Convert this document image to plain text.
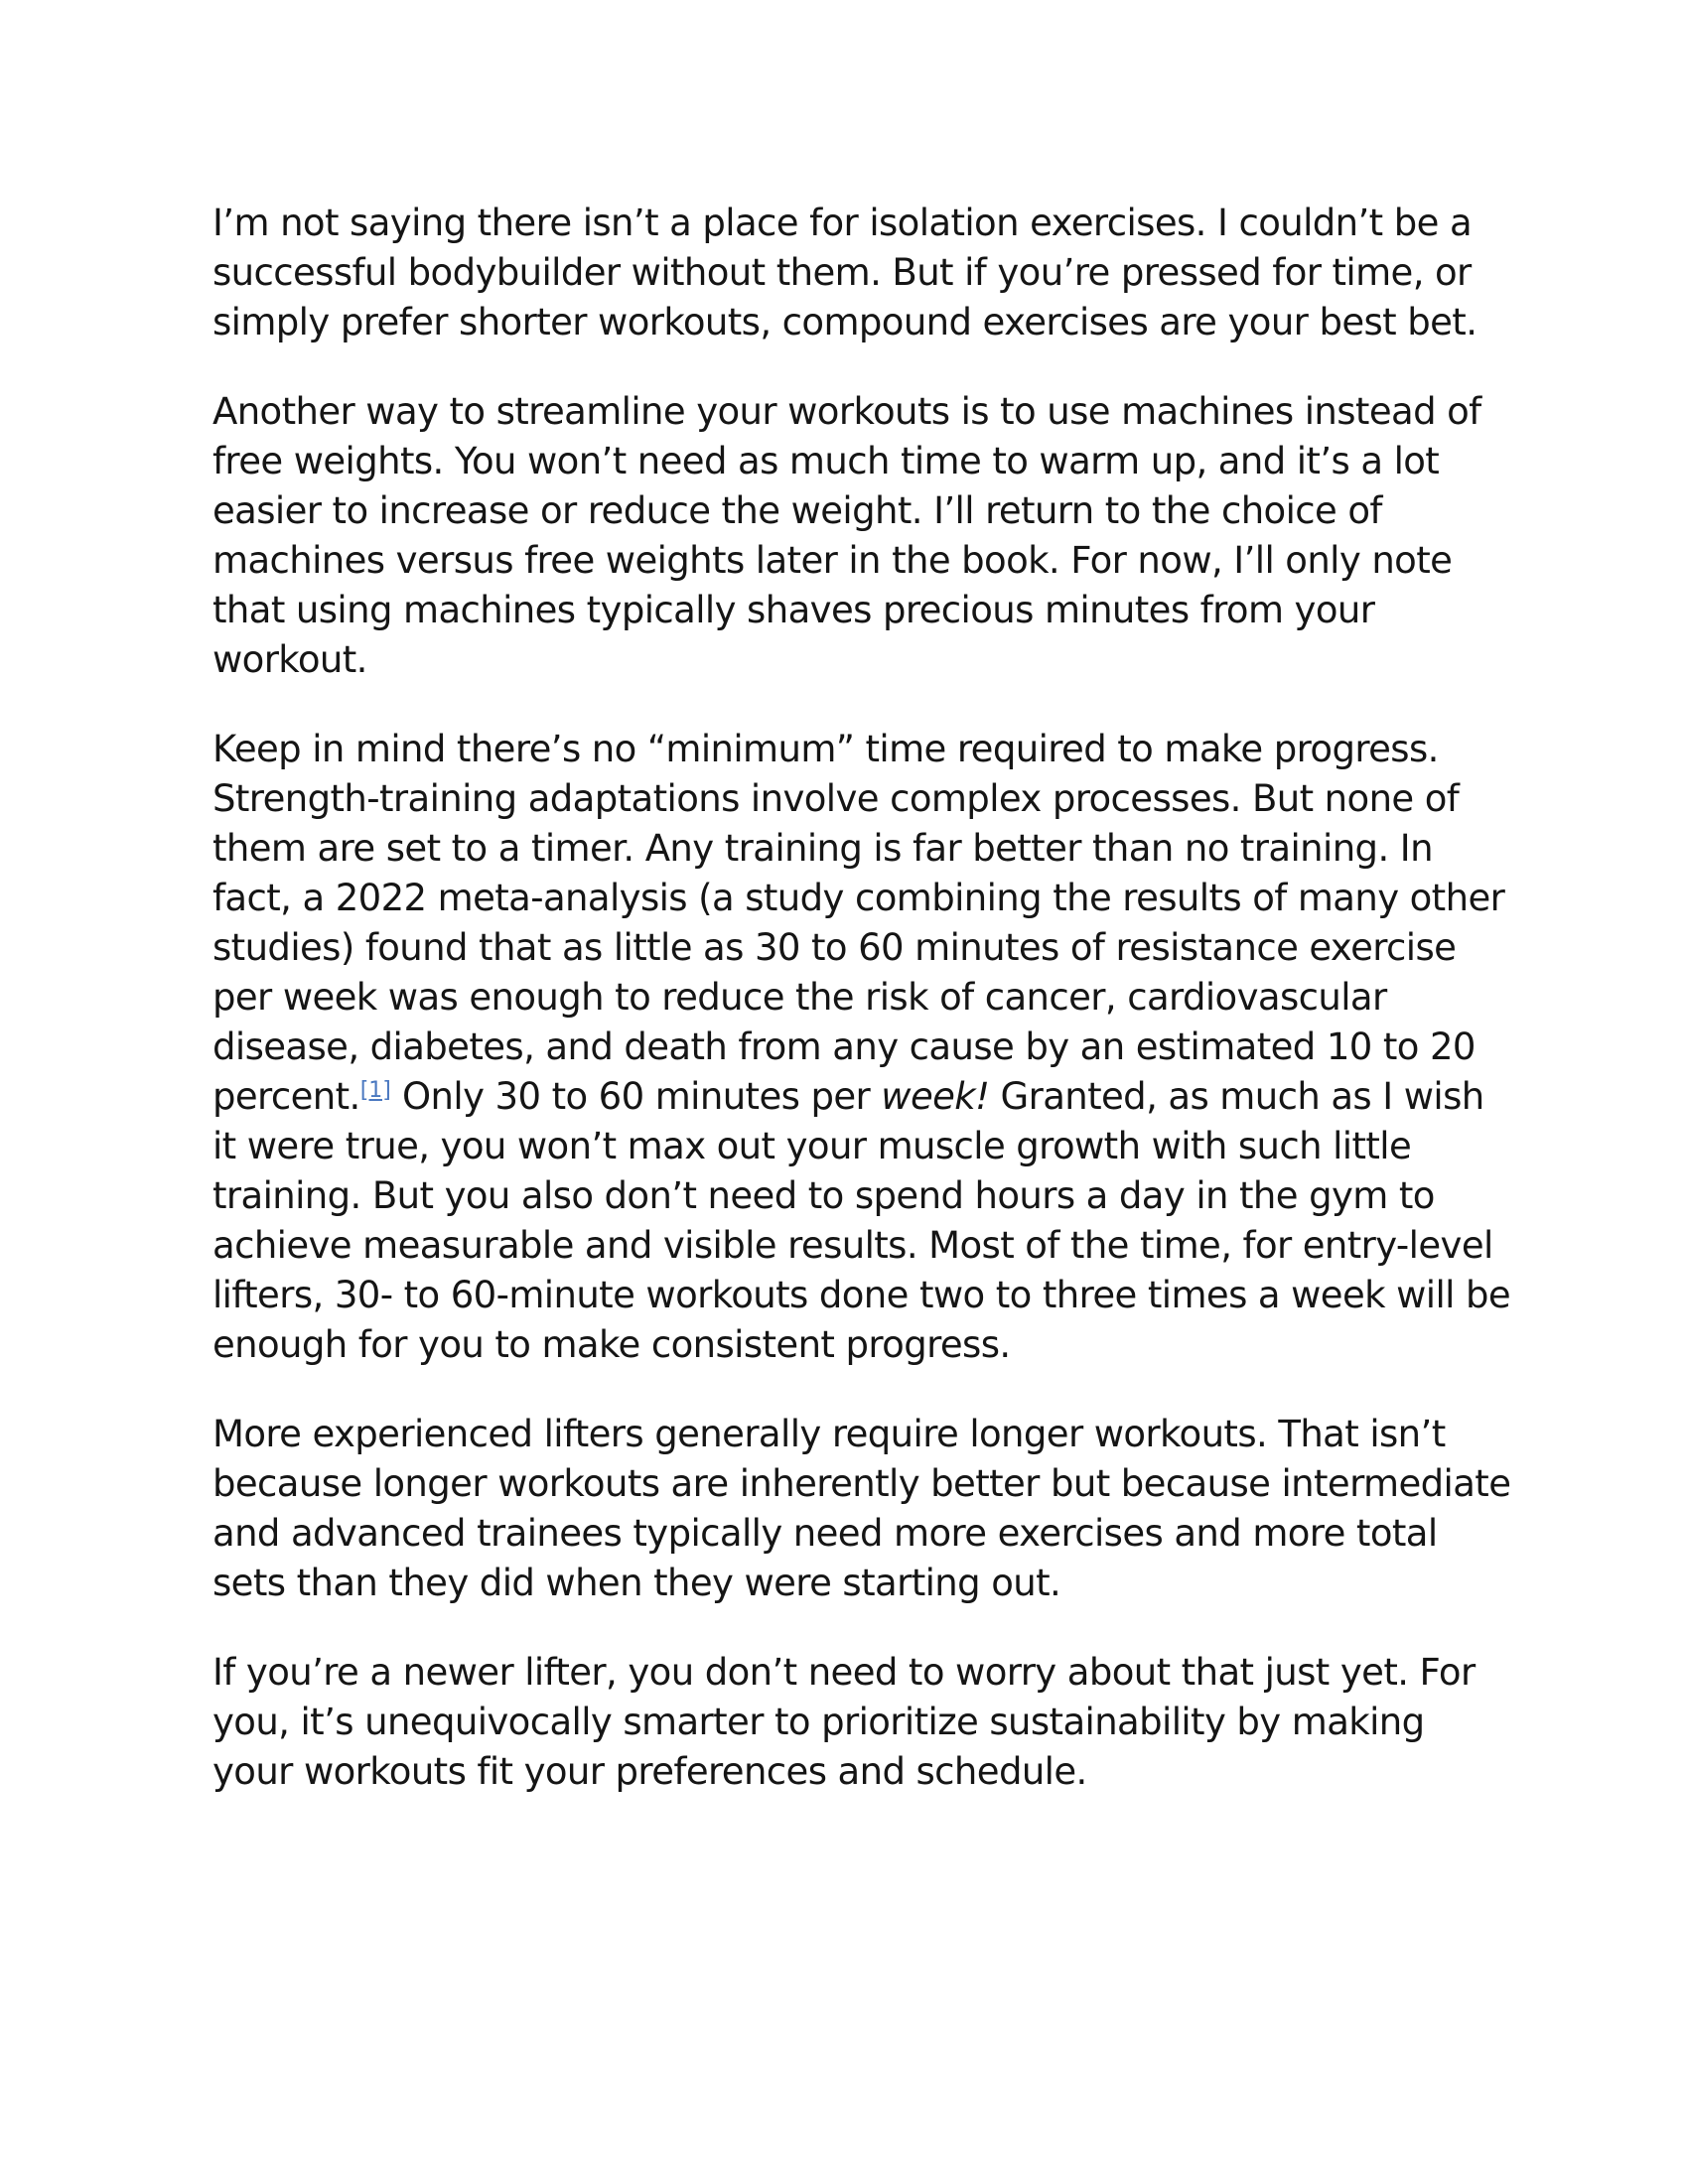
I’m not saying there isn’t a place for isolation exercises. I couldn’t be a successful bodybuilder without them. But if you’re pressed for time, or simply prefer shorter workouts, compound exercises are your best bet.

Another way to streamline your workouts is to use machines instead of free weights. You won’t need as much time to warm up, and it’s a lot easier to increase or reduce the weight. I’ll return to the choice of machines versus free weights later in the book. For now, I’ll only note that using machines typically shaves precious minutes from your workout.

Keep in mind there’s no “minimum” time required to make progress. Strength-training adaptations involve complex processes. But none of them are set to a timer. Any training is far better than no training. In fact, a 2022 meta-analysis (a study combining the results of many other studies) found that as little as 30 to 60 minutes of resistance exercise per week was enough to reduce the risk of cancer, cardiovascular disease, diabetes, and death from any cause by an estimated 10 to 20 percent.[1] Only 30 to 60 minutes per week! Granted, as much as I wish it were true, you won’t max out your muscle growth with such little training. But you also don’t need to spend hours a day in the gym to achieve measurable and visible results. Most of the time, for entry-level lifters, 30- to 60-minute workouts done two to three times a week will be enough for you to make consistent progress.

More experienced lifters generally require longer workouts. That isn’t because longer workouts are inherently better but because intermediate and advanced trainees typically need more exercises and more total sets than they did when they were starting out.

If you’re a newer lifter, you don’t need to worry about that just yet. For you, it’s unequivocally smarter to prioritize sustainability by making your workouts fit your preferences and schedule.
